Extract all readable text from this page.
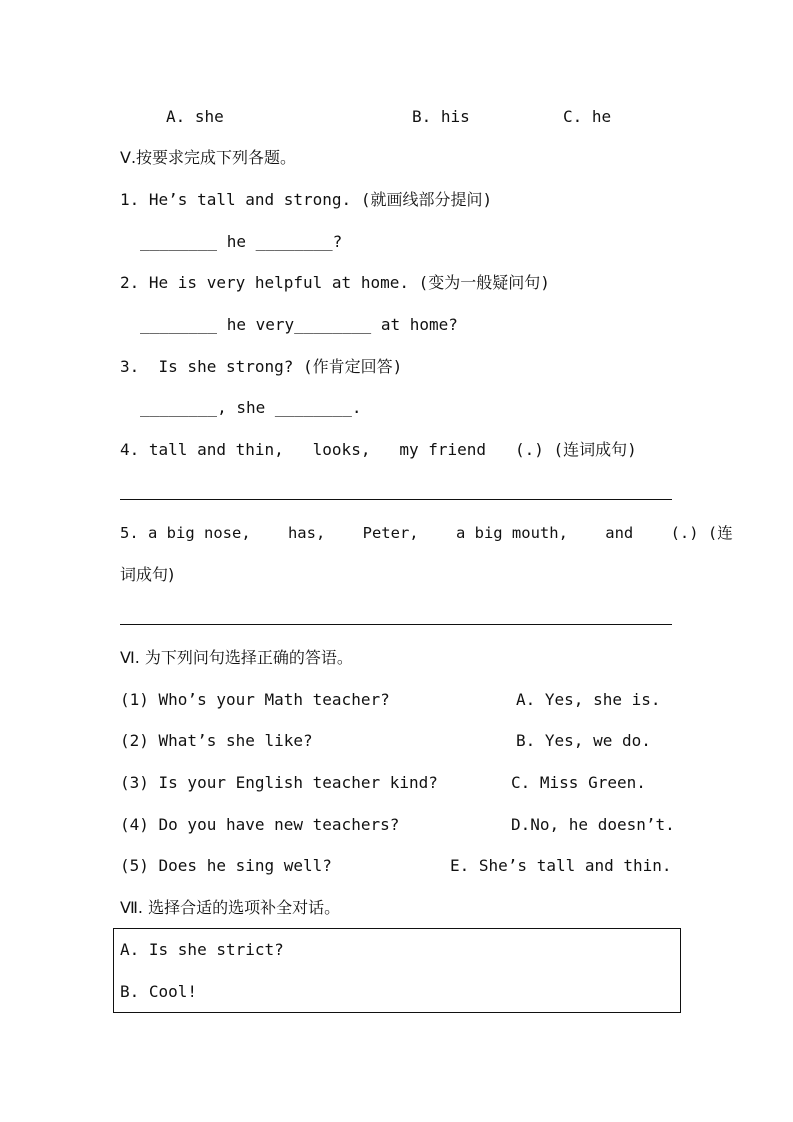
A. she	B. his	C. he
Ⅴ.按要求完成下列各题。
1. He’s tall and strong. (就画线部分提问)
________ he ________?
2. He is very helpful at home. (变为一般疑问句)
________ he very________ at home?
3.  Is she strong? (作肯定回答)
________, she ________.
4. tall and thin,   looks,   my friend   (.) (连词成句)
5. a big nose,    has,    Peter,    a big mouth,    and    (.) (连
词成句)
Ⅵ. 为下列问句选择正确的答语。
(1) Who’s your Math teacher?	A. Yes, she is.
(2) What’s she like?	B. Yes, we do.
(3) Is your English teacher kind?	C. Miss Green.
(4) Do you have new teachers?	D.No, he doesn’t.
(5) Does he sing well?	E. She’s tall and thin.
Ⅶ. 选择合适的选项补全对话。
A. Is she strict?
B. Cool!
